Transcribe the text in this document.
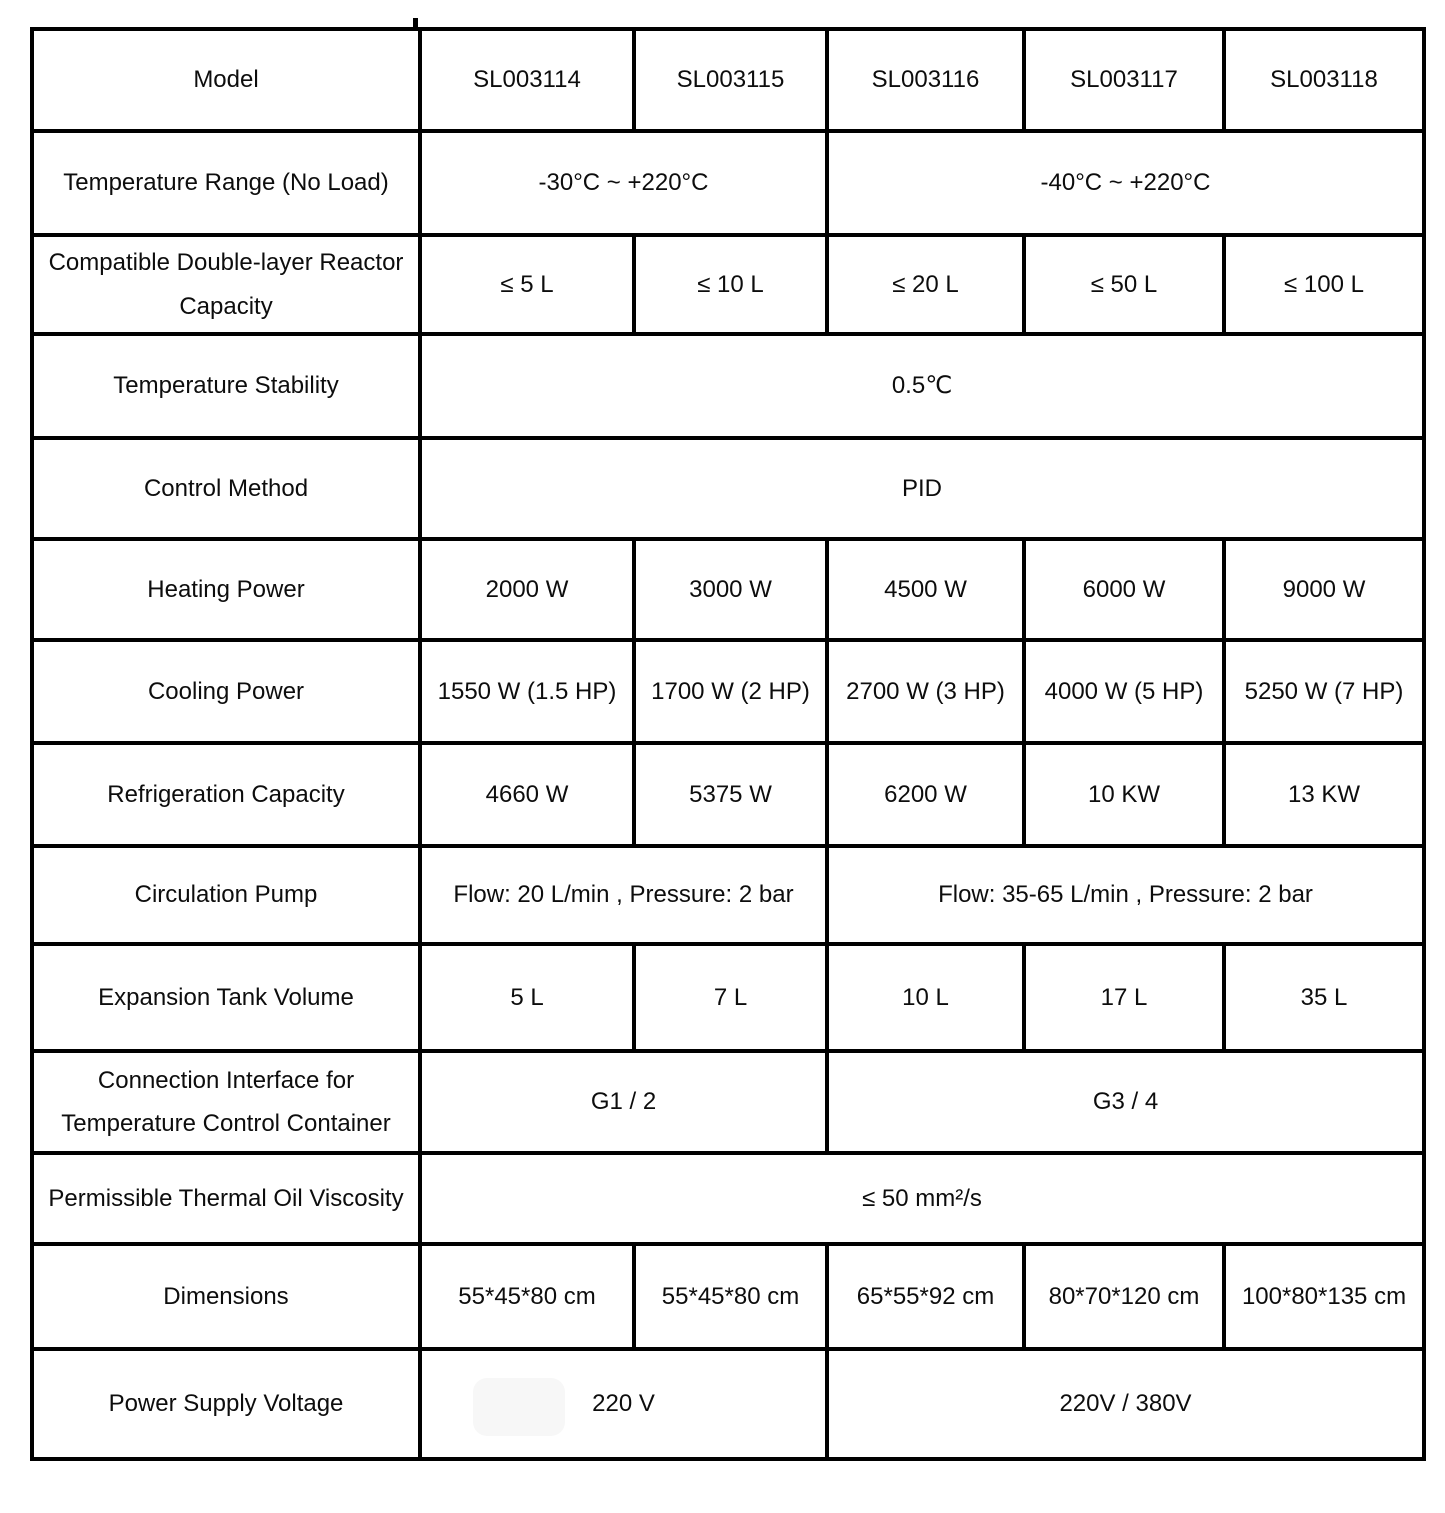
Model	SL003114	SL003115	SL003116	SL003117	SL003118
Temperature Range (No Load)	-30°C ~ +220°C		-40°C ~ +220°C		
Compatible Double-layer Reactor Capacity	≤ 5 L	≤ 10 L	≤ 20 L	≤ 50 L	≤ 100 L
Temperature Stability	0.5℃				
Control Method	PID				
Heating Power	2000 W	3000 W	4500 W	6000 W	9000 W
Cooling Power	1550 W (1.5 HP)	1700 W (2 HP)	2700 W (3 HP)	4000 W (5 HP)	5250 W (7 HP)
Refrigeration Capacity	4660 W	5375 W	6200 W	10 KW	13 KW
Circulation Pump	Flow: 20 L/min , Pressure: 2 bar		Flow: 35-65 L/min , Pressure: 2 bar		
Expansion Tank Volume	5 L	7 L	10 L	17 L	35 L
Connection Interface for Temperature Control Container	G1 / 2		G3 / 4		
Permissible Thermal Oil Viscosity	≤ 50 mm²/s				
Dimensions	55*45*80 cm	55*45*80 cm	65*55*92 cm	80*70*120 cm	100*80*135 cm
Power Supply Voltage	220 V		220V / 380V		
